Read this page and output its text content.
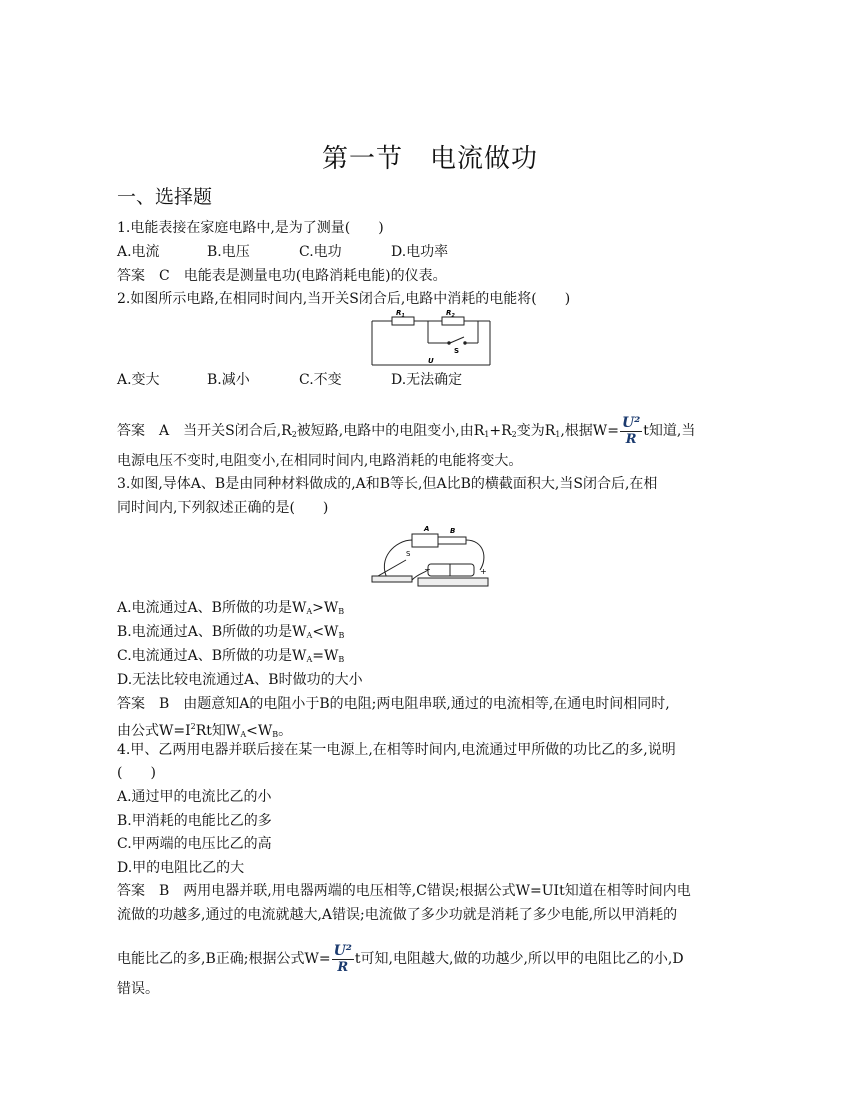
第一节　电流做功
一、选择题
1.电能表接在家庭电路中,是为了测量(　　)
A.电流	B.电压	C.电功	D.电功率
答案　C　电能表是测量电功(电路消耗电能)的仪表。
2.如图所示电路,在相同时间内,当开关S闭合后,电路中消耗的电能将(　　)
$R_1$	$R_2$
S
U
A.变大	B.减小	C.不变	D.无法确定
答案　A　当开关S闭合后$,R_2$被短路,电路中的电阻变小,由$R_1+R_2$变为$R_1$,根据$W= \frac{\text{U²}}{R}$ t知道,当
电源电压不变时,电阻变小,在相同时间内,电路消耗的电能将变大。
3.如图,导体A、B是由同种材料做成的,A和B等长,但A比B的横截面积大,当S闭合后,在相
同时间内,下列叙述正确的是(　　)
A	B
S
−	+
A.电流通过A、B所做的功是$W_A>W_B$
B.电流通过A、B所做的功是$W_A<W_B$
C.电流通过A、B所做的功是$W_A=W_B$
D.无法比较电流通过A、B时做功的大小
答案　B　由题意知A的电阻小于B的电阻;两电阻串联,通过的电流相等,在通电时间相同时,
由公式$W=I^2Rt$知$W_A<W_B$。
4.甲、乙两用电器并联后接在某一电源上,在相等时间内,电流通过甲所做的功比乙的多,说明
(　　)
A.通过甲的电流比乙的小
B.甲消耗的电能比乙的多
C.甲两端的电压比乙的高
D.甲的电阻比乙的大
答案　B　两用电器并联,用电器两端的电压相等,C错误;根据公式W=UIt知道在相等时间内电
流做的功越多,通过的电流就越大,A错误;电流做了多少功就是消耗了多少电能,所以甲消耗的
电能比乙的多,B正确;根据公式$W= \frac{\text{U²}}{R}$ t可知,电阻越大,做的功越少,所以甲的电阻比乙的小,D
错误。
